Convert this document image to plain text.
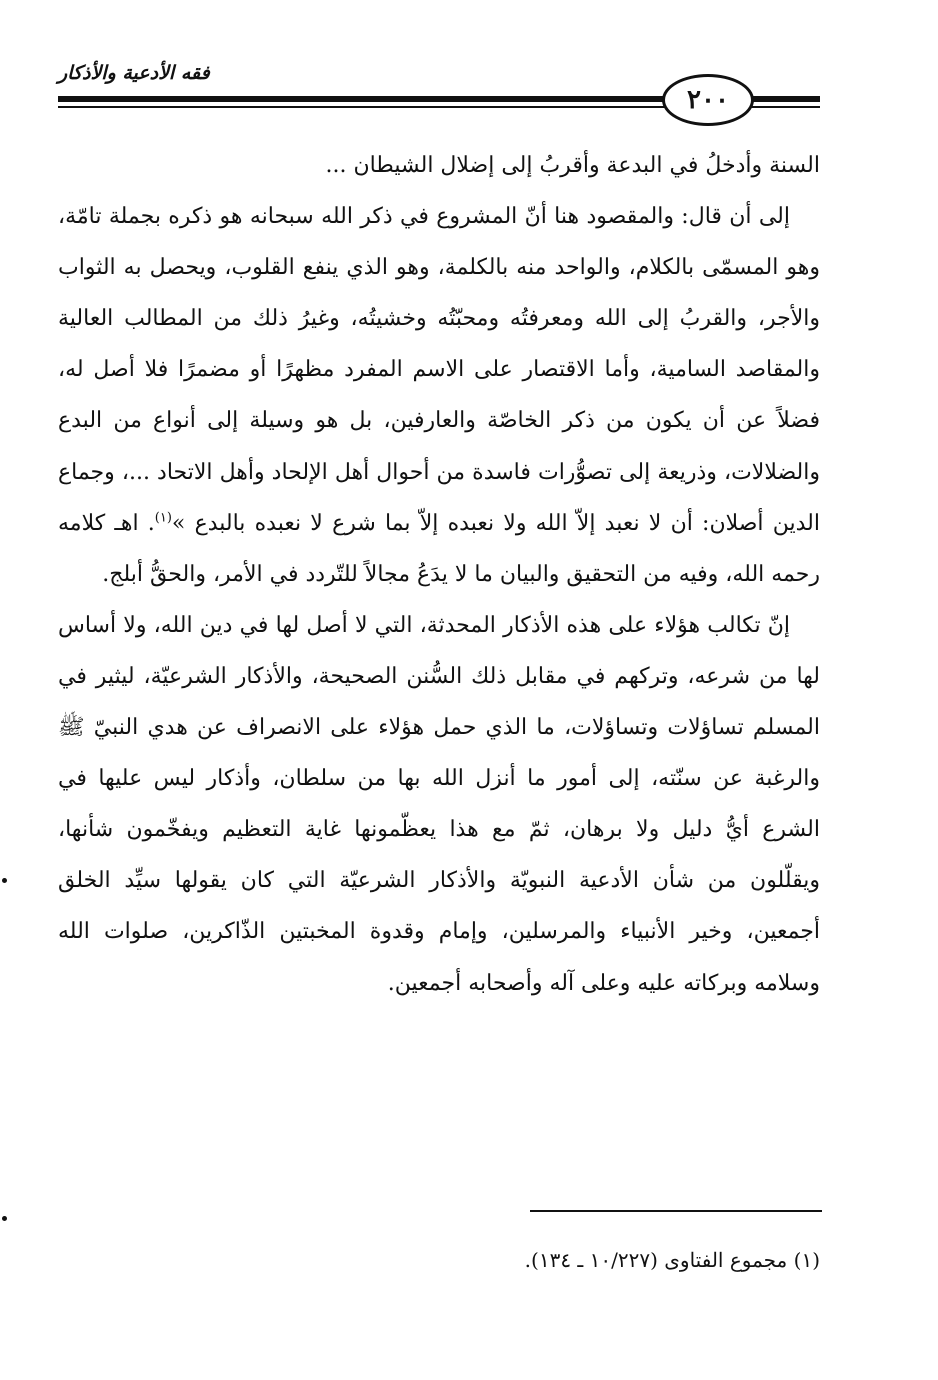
فقه الأدعية والأذكار
٢٠٠

السنة وأدخلُ في البدعة وأقربُ إلى إضلال الشيطان ...

إلى أن قال: والمقصود هنا أنّ المشروع في ذكر الله سبحانه هو ذكره بجملة تامّة، وهو المسمّى بالكلام، والواحد منه بالكلمة، وهو الذي ينفع القلوب، ويحصل به الثواب والأجر، والقربُ إلى الله ومعرفتُه ومحبّتُه وخشيتُه، وغيرُ ذلك من المطالب العالية والمقاصد السامية، وأما الاقتصار على الاسم المفرد مظهرًا أو مضمرًا فلا أصل له، فضلاً عن أن يكون من ذكر الخاصّة والعارفين، بل هو وسيلة إلى أنواع من البدع والضلالات، وذريعة إلى تصوُّرات فاسدة من أحوال أهل الإلحاد وأهل الاتحاد ...، وجماع الدين أصلان: أن لا نعبد إلاّ الله ولا نعبده إلاّ بما شرع لا نعبده بالبدع »$^{(١)}$. اهـ كلامه رحمه الله، وفيه من التحقيق والبيان ما لا يدَعُ مجالاً للتّردد في الأمر، والحقُّ أبلج.

إنّ تكالب هؤلاء على هذه الأذكار المحدثة، التي لا أصل لها في دين الله، ولا أساس لها من شرعه، وتركهم في مقابل ذلك السُّنن الصحيحة، والأذكار الشرعيّة، ليثير في المسلم تساؤلات وتساؤلات، ما الذي حمل هؤلاء على الانصراف عن هدي النبيّ ﷺ والرغبة عن سنّته، إلى أمور ما أنزل الله بها من سلطان، وأذكار ليس عليها في الشرع أيُّ دليل ولا برهان، ثمّ مع هذا يعظّمونها غاية التعظيم ويفخّمون شأنها، ويقلّلون من شأن الأدعية النبويّة والأذكار الشرعيّة التي كان يقولها سيِّد الخلق أجمعين، وخير الأنبياء والمرسلين، وإمام وقدوة المخبتين الذّاكرين، صلوات الله وسلامه وبركاته عليه وعلى آله وأصحابه أجمعين.

(١) مجموع الفتاوى (١٠/٢٢٧ ـ ١٣٤).
